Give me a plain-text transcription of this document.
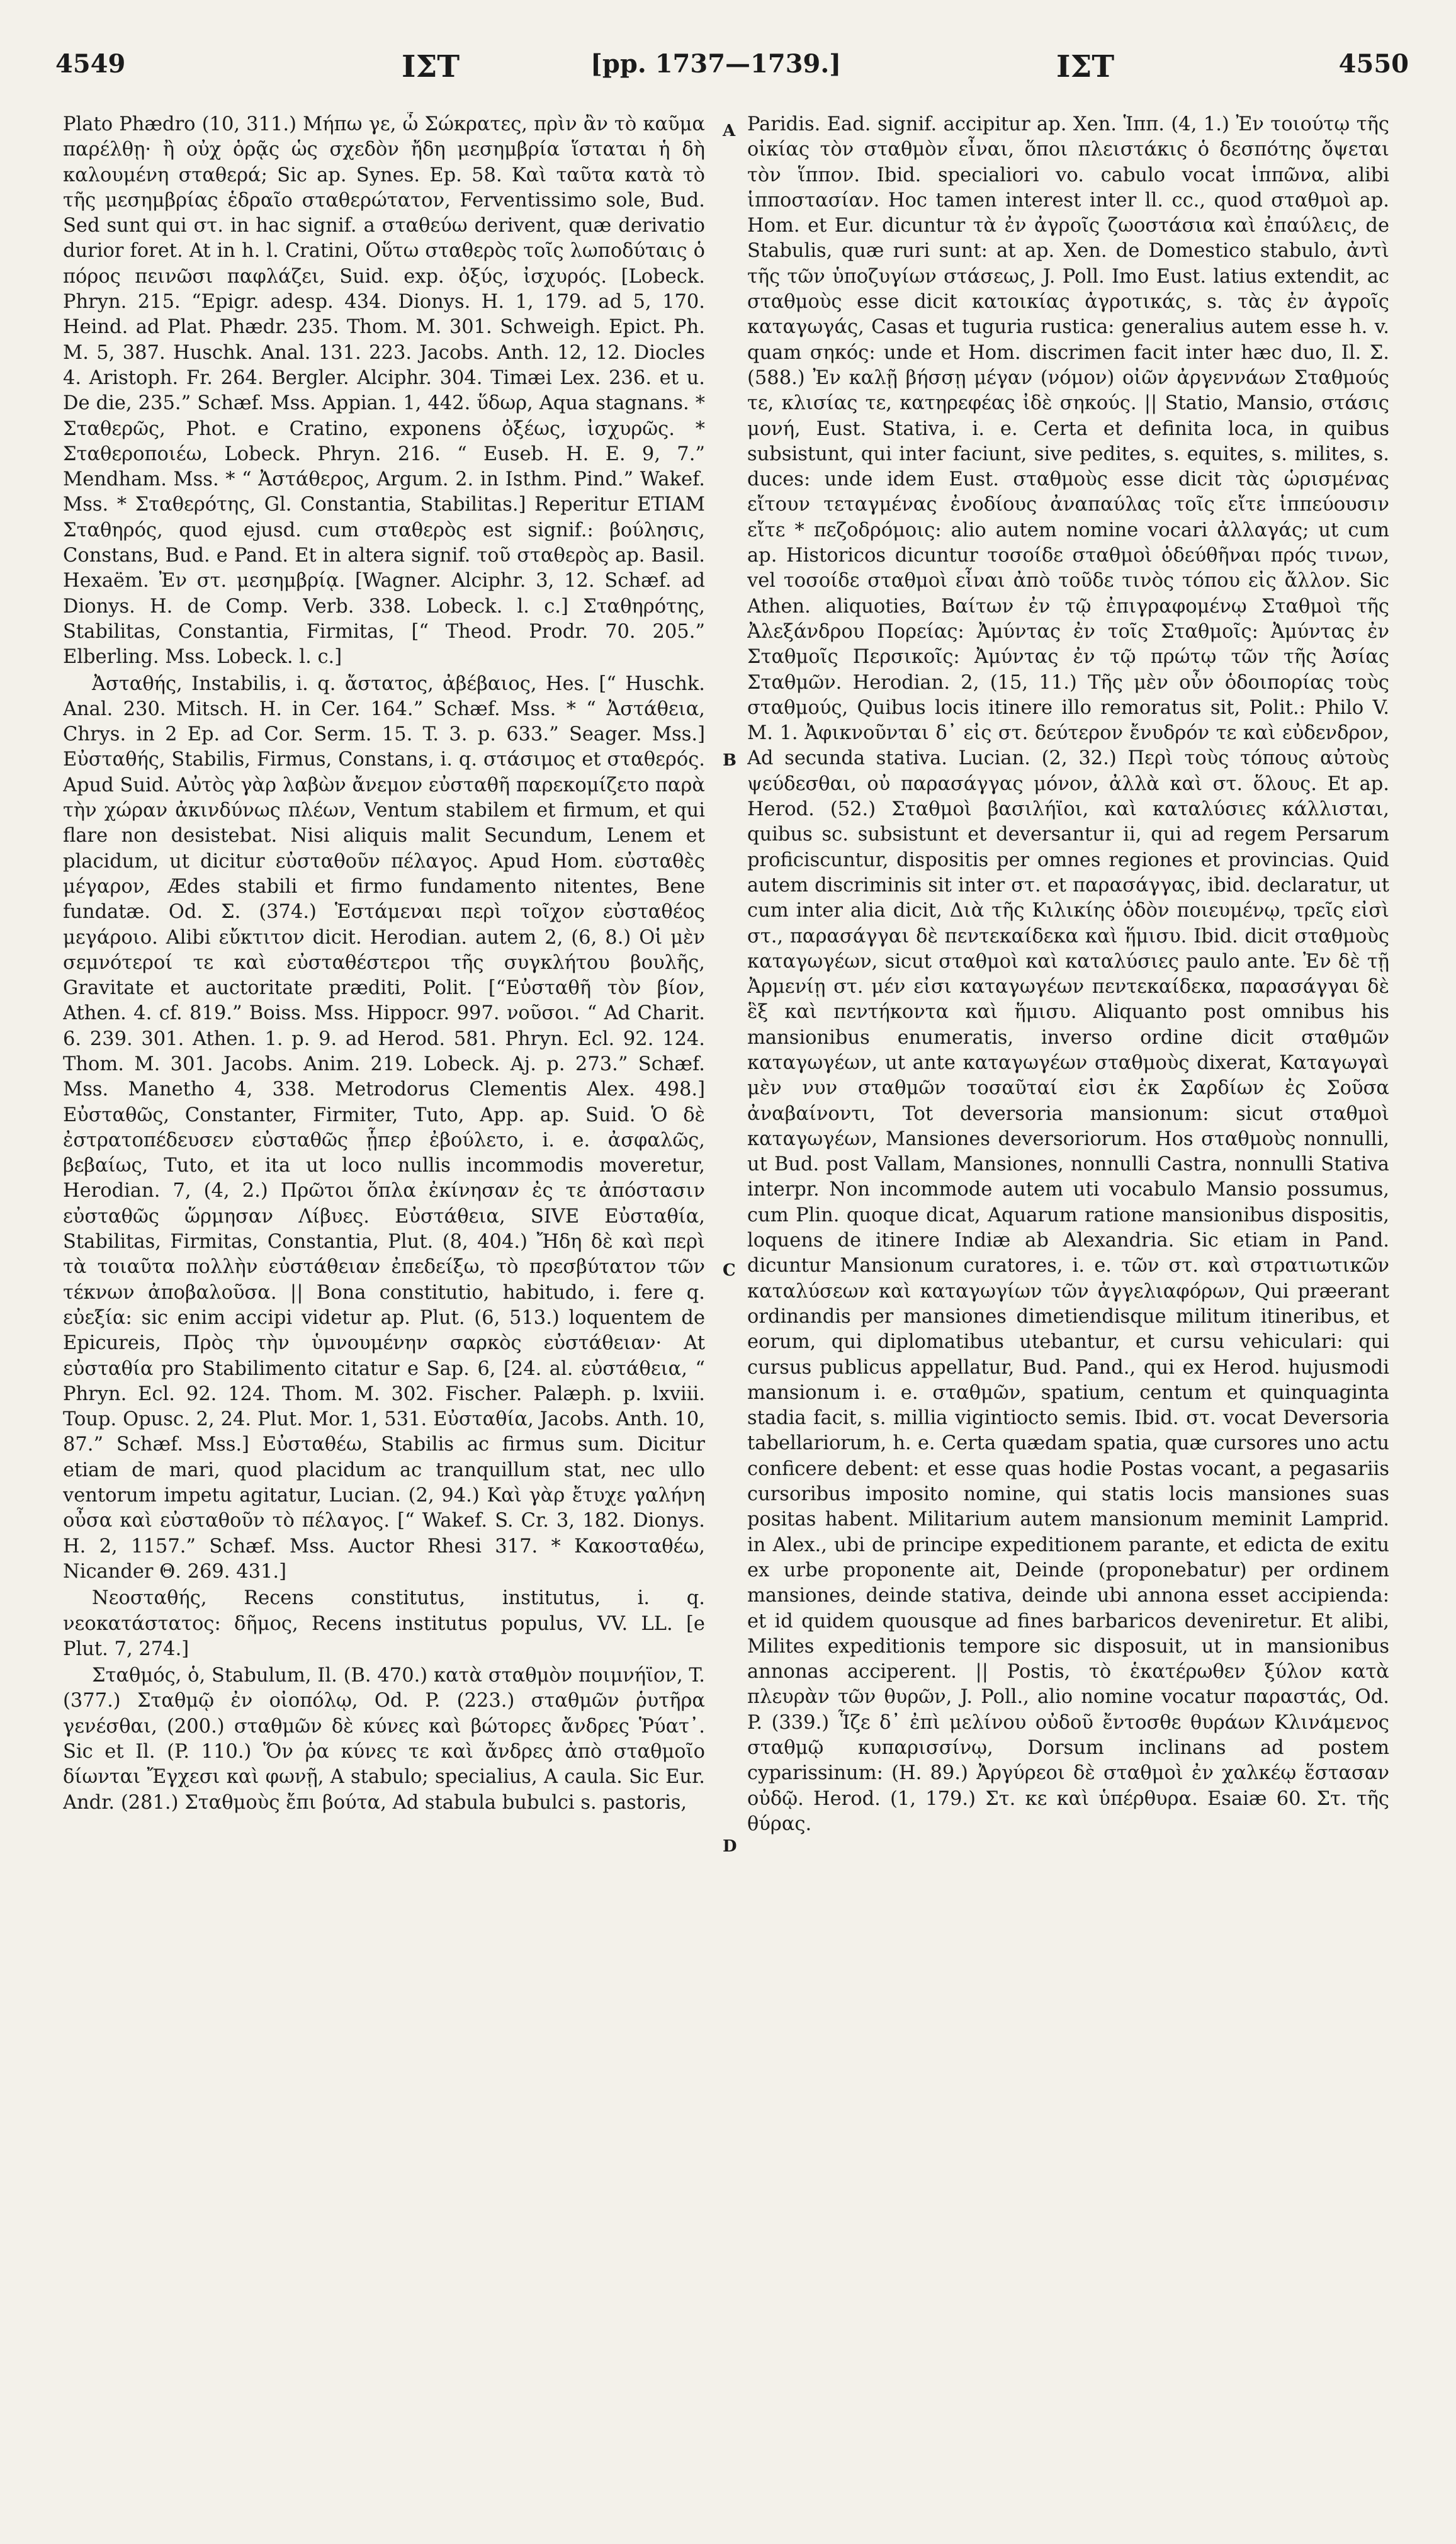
4549	ΙΣΤ	[pp. 1737—1739.]	ΙΣΤ	4550
A
B
C
D

Plato Phædro (10, 311.) Μήπω γε, ὦ Σώκρατες, πρὶν ἂν τὸ καῦμα παρέλθῃ· ἢ οὐχ ὁρᾷς ὡς σχεδὸν ἤδη μεσημβρία ἵσταται ἡ δὴ καλουμένη σταθερά; Sic ap. Synes. Ep. 58. Καὶ ταῦτα κατὰ τὸ τῆς μεσημβρίας ἑδραῖο σταθερώτατον, Ferventissimo sole, Bud. Sed sunt qui στ. in hac signif. a σταθεύω derivent, quæ derivatio durior foret. At in h. l. Cratini, Οὕτω σταθερὸς τοῖς λωποδύταις ὁ πόρος πεινῶσι παφλάζει, Suid. exp. ὀξύς, ἰσχυρός. [Lobeck. Phryn. 215. “Epigr. adesp. 434. Dionys. H. 1, 179. ad 5, 170. Heind. ad Plat. Phædr. 235. Thom. M. 301. Schweigh. Epict. Ph. M. 5, 387. Huschk. Anal. 131. 223. Jacobs. Anth. 12, 12. Diocles 4. Aristoph. Fr. 264. Bergler. Alciphr. 304. Timæi Lex. 236. et u. De die, 235.” Schæf. Mss. Appian. 1, 442. ὕδωρ, Aqua stagnans. * Σταθερῶς, Phot. e Cratino, exponens ὀξέως, ἰσχυρῶς. * Σταθεροποιέω, Lobeck. Phryn. 216. “ Euseb. H. E. 9, 7.” Mendham. Mss. * “ Ἀστάθερος, Argum. 2. in Isthm. Pind.” Wakef. Mss. * Σταθερότης, Gl. Constantia, Stabilitas.] Reperitur ETIAM Σταθηρός, quod ejusd. cum σταθερὸς est signif.: βούλησις, Constans, Bud. e Pand. Et in altera signif. τοῦ σταθερὸς ap. Basil. Hexaëm. Ἐν στ. μεσημβρίᾳ. [Wagner. Alciphr. 3, 12. Schæf. ad Dionys. H. de Comp. Verb. 338. Lobeck. l. c.] Σταθηρότης, Stabilitas, Constantia, Firmitas, [“ Theod. Prodr. 70. 205.” Elberling. Mss. Lobeck. l. c.]

Ἀσταθής, Instabilis, i. q. ἄστατος, ἀβέβαιος, Hes. [“ Huschk. Anal. 230. Mitsch. H. in Cer. 164.” Schæf. Mss. * “ Ἀστάθεια, Chrys. in 2 Ep. ad Cor. Serm. 15. T. 3. p. 633.” Seager. Mss.] Εὐσταθής, Stabilis, Firmus, Constans, i. q. στάσιμος et σταθερός. Apud Suid. Αὐτὸς γὰρ λαβὼν ἄνεμον εὐσταθῆ παρεκομίζετο παρὰ τὴν χώραν ἀκινδύνως πλέων, Ventum stabilem et firmum, et qui flare non desistebat. Nisi aliquis malit Secundum, Lenem et placidum, ut dicitur εὐσταθοῦν πέλαγος. Apud Hom. εὐσταθὲς μέγαρον, Ædes stabili et firmo fundamento nitentes, Bene fundatæ. Od. Σ. (374.) Ἑστάμεναι περὶ τοῖχον εὐσταθέος μεγάροιο. Alibi εὔκτιτον dicit. Herodian. autem 2, (6, 8.) Οἱ μὲν σεμνότεροί τε καὶ εὐσταθέστεροι τῆς συγκλήτου βουλῆς, Gravitate et auctoritate præditi, Polit. [“Εὐσταθῆ τὸν βίον, Athen. 4. cf. 819.” Boiss. Mss. Hippocr. 997. νοῦσοι. “ Ad Charit. 6. 239. 301. Athen. 1. p. 9. ad Herod. 581. Phryn. Ecl. 92. 124. Thom. M. 301. Jacobs. Anim. 219. Lobeck. Aj. p. 273.” Schæf. Mss. Manetho 4, 338. Metrodorus Clementis Alex. 498.] Εὐσταθῶς, Constanter, Firmiter, Tuto, App. ap. Suid. Ὁ δὲ ἐστρατοπέδευσεν εὐσταθῶς ᾗπερ ἐβούλετο, i. e. ἀσφαλῶς, βεβαίως, Tuto, et ita ut loco nullis incommodis moveretur, Herodian. 7, (4, 2.) Πρῶτοι ὅπλα ἐκίνησαν ἐς τε ἀπόστασιν εὐσταθῶς ὥρμησαν Λίβυες. Εὐστάθεια, SIVE Εὐσταθία, Stabilitas, Firmitas, Constantia, Plut. (8, 404.) Ἤδη δὲ καὶ περὶ τὰ τοιαῦτα πολλὴν εὐστάθειαν ἐπεδείξω, τὸ πρεσβύτατον τῶν τέκνων ἀποβαλοῦσα. || Bona constitutio, habitudo, i. fere q. εὐεξία: sic enim accipi videtur ap. Plut. (6, 513.) loquentem de Epicureis, Πρὸς τὴν ὑμνουμένην σαρκὸς εὐστάθειαν· At εὐσταθία pro Stabilimento citatur e Sap. 6, [24. al. εὐστάθεια, “ Phryn. Ecl. 92. 124. Thom. M. 302. Fischer. Palæph. p. lxviii. Toup. Opusc. 2, 24. Plut. Mor. 1, 531. Εὐσταθία, Jacobs. Anth. 10, 87.” Schæf. Mss.] Εὐσταθέω, Stabilis ac firmus sum. Dicitur etiam de mari, quod placidum ac tranquillum stat, nec ullo ventorum impetu agitatur, Lucian. (2, 94.) Καὶ γὰρ ἔτυχε γαλήνη οὖσα καὶ εὐσταθοῦν τὸ πέλαγος. [“ Wakef. S. Cr. 3, 182. Dionys. H. 2, 1157.” Schæf. Mss. Auctor Rhesi 317. * Κακοσταθέω, Nicander Θ. 269. 431.]

Νεοσταθής, Recens constitutus, institutus, i. q. νεοκατάστατος: δῆμος, Recens institutus populus, VV. LL. [e Plut. 7, 274.]

Σταθμός, ὁ, Stabulum, Il. (B. 470.) κατὰ σταθμὸν ποιμνήϊον, T. (377.) Σταθμῷ ἐν οἰοπόλῳ, Od. P. (223.) σταθμῶν ῥυτῆρα γενέσθαι, (200.) σταθμῶν δὲ κύνες καὶ βώτορες ἄνδρες Ῥύατ᾽. Sic et Il. (P. 110.) Ὅν ῥα κύνες τε καὶ ἄνδρες ἀπὸ σταθμοῖο δίωνται Ἔγχεσι καὶ φωνῇ, A stabulo; specialius, A caula. Sic Eur. Andr. (281.) Σταθμοὺς ἔπι βούτα, Ad stabula bubulci s. pastoris,

Paridis. Ead. signif. accipitur ap. Xen. Ἱππ. (4, 1.) Ἐν τοιούτῳ τῆς οἰκίας τὸν σταθμὸν εἶναι, ὅποι πλειστάκις ὁ δεσπότης ὄψεται τὸν ἵππον. Ibid. specialiori vo. cabulo vocat ἱππῶνα, alibi ἱπποστασίαν. Hoc tamen interest inter ll. cc., quod σταθμοὶ ap. Hom. et Eur. dicuntur τὰ ἐν ἀγροῖς ζωοστάσια καὶ ἐπαύλεις, de Stabulis, quæ ruri sunt: at ap. Xen. de Domestico stabulo, ἀντὶ τῆς τῶν ὑποζυγίων στάσεως, J. Poll. Imo Eust. latius extendit, ac σταθμοὺς esse dicit κατοικίας ἀγροτικάς, s. τὰς ἐν ἀγροῖς καταγωγάς, Casas et tuguria rustica: generalius autem esse h. v. quam σηκός: unde et Hom. discrimen facit inter hæc duo, Il. Σ. (588.) Ἐν καλῇ βήσσῃ μέγαν (νόμον) οἰῶν ἀργεννάων Σταθμούς τε, κλισίας τε, κατηρεφέας ἰδὲ σηκούς. || Statio, Mansio, στάσις μονή, Eust. Stativa, i. e. Certa et definita loca, in quibus subsistunt, qui inter faciunt, sive pedites, s. equites, s. milites, s. duces: unde idem Eust. σταθμοὺς esse dicit τὰς ὡρισμένας εἴτουν τεταγμένας ἐνοδίους ἀναπαύλας τοῖς εἴτε ἱππεύουσιν εἴτε * πεζοδρόμοις: alio autem nomine vocari ἀλλαγάς; ut cum ap. Historicos dicuntur τοσοίδε σταθμοὶ ὁδεύθῆναι πρός τινων, vel τοσοίδε σταθμοὶ εἶναι ἀπὸ τοῦδε τινὸς τόπου εἰς ἄλλον. Sic Athen. aliquoties, Βαίτων ἐν τῷ ἐπιγραφομένῳ Σταθμοὶ τῆς Ἀλεξάνδρου Πορείας: Ἀμύντας ἐν τοῖς Σταθμοῖς: Ἀμύντας ἐν Σταθμοῖς Περσικοῖς: Ἀμύντας ἐν τῷ πρώτῳ τῶν τῆς Ἀσίας Σταθμῶν. Herodian. 2, (15, 11.) Τῆς μὲν οὖν ὁδοιπορίας τοὺς σταθμούς, Quibus locis itinere illo remoratus sit, Polit.: Philo V. M. 1. Ἀφικνοῦνται δ᾽ εἰς στ. δεύτερον ἔνυδρόν τε καὶ εὐδενδρον, Ad secunda stativa. Lucian. (2, 32.) Περὶ τοὺς τόπους αὐτοὺς ψεύδεσθαι, οὐ παρασάγγας μόνον, ἀλλὰ καὶ στ. ὅλους. Et ap. Herod. (52.) Σταθμοὶ βασιλήϊοι, καὶ καταλύσιες κάλλισται, quibus sc. subsistunt et deversantur ii, qui ad regem Persarum proficiscuntur, dispositis per omnes regiones et provincias. Quid autem discriminis sit inter στ. et παρασάγγας, ibid. declaratur, ut cum inter alia dicit, Διὰ τῆς Κιλικίης ὁδὸν ποιευμένῳ, τρεῖς εἰσὶ στ., παρασάγγαι δὲ πεντεκαίδεκα καὶ ἥμισυ. Ibid. dicit σταθμοὺς καταγωγέων, sicut σταθμοὶ καὶ καταλύσιες paulo ante. Ἐν δὲ τῇ Ἀρμενίῃ στ. μέν εἰσι καταγωγέων πεντεκαίδεκα, παρασάγγαι δὲ ἓξ καὶ πεντήκοντα καὶ ἥμισυ. Aliquanto post omnibus his mansionibus enumeratis, inverso ordine dicit σταθμῶν καταγωγέων, ut ante καταγωγέων σταθμοὺς dixerat, Καταγωγαὶ μὲν νυν σταθμῶν τοσαῦταί εἰσι ἐκ Σαρδίων ἐς Σοῦσα ἀναβαίνοντι, Tot deversoria mansionum: sicut σταθμοὶ καταγωγέων, Mansiones deversoriorum. Hos σταθμοὺς nonnulli, ut Bud. post Vallam, Mansiones, nonnulli Castra, nonnulli Stativa interpr. Non incommode autem uti vocabulo Mansio possumus, cum Plin. quoque dicat, Aquarum ratione mansionibus dispositis, loquens de itinere Indiæ ab Alexandria. Sic etiam in Pand. dicuntur Mansionum curatores, i. e. τῶν στ. καὶ στρατιωτικῶν καταλύσεων καὶ καταγωγίων τῶν ἀγγελιαφόρων, Qui præerant ordinandis per mansiones dimetiendisque militum itineribus, et eorum, qui diplomatibus utebantur, et cursu vehiculari: qui cursus publicus appellatur, Bud. Pand., qui ex Herod. hujusmodi mansionum i. e. σταθμῶν, spatium, centum et quinquaginta stadia facit, s. millia vigintiocto semis. Ibid. στ. vocat Deversoria tabellariorum, h. e. Certa quædam spatia, quæ cursores uno actu conficere debent: et esse quas hodie Postas vocant, a pegasariis cursoribus imposito nomine, qui statis locis mansiones suas positas habent. Militarium autem mansionum meminit Lamprid. in Alex., ubi de principe expeditionem parante, et edicta de exitu ex urbe proponente ait, Deinde (proponebatur) per ordinem mansiones, deinde stativa, deinde ubi annona esset accipienda: et id quidem quousque ad fines barbaricos deveniretur. Et alibi, Milites expeditionis tempore sic disposuit, ut in mansionibus annonas acciperent. || Postis, τὸ ἑκατέρωθεν ξύλον κατὰ πλευρὰν τῶν θυρῶν, J. Poll., alio nomine vocatur παραστάς, Od. P. (339.) Ἷζε δ᾽ ἐπὶ μελίνου οὐδοῦ ἔντοσθε θυράων Κλινάμενος σταθμῷ κυπαρισσίνῳ, Dorsum inclinans ad postem cyparissinum: (H. 89.) Ἀργύρεοι δὲ σταθμοὶ ἐν χαλκέῳ ἕστασαν οὐδῷ. Herod. (1, 179.) Στ. κε καὶ ὑπέρθυρα. Esaiæ 60. Στ. τῆς θύρας.
